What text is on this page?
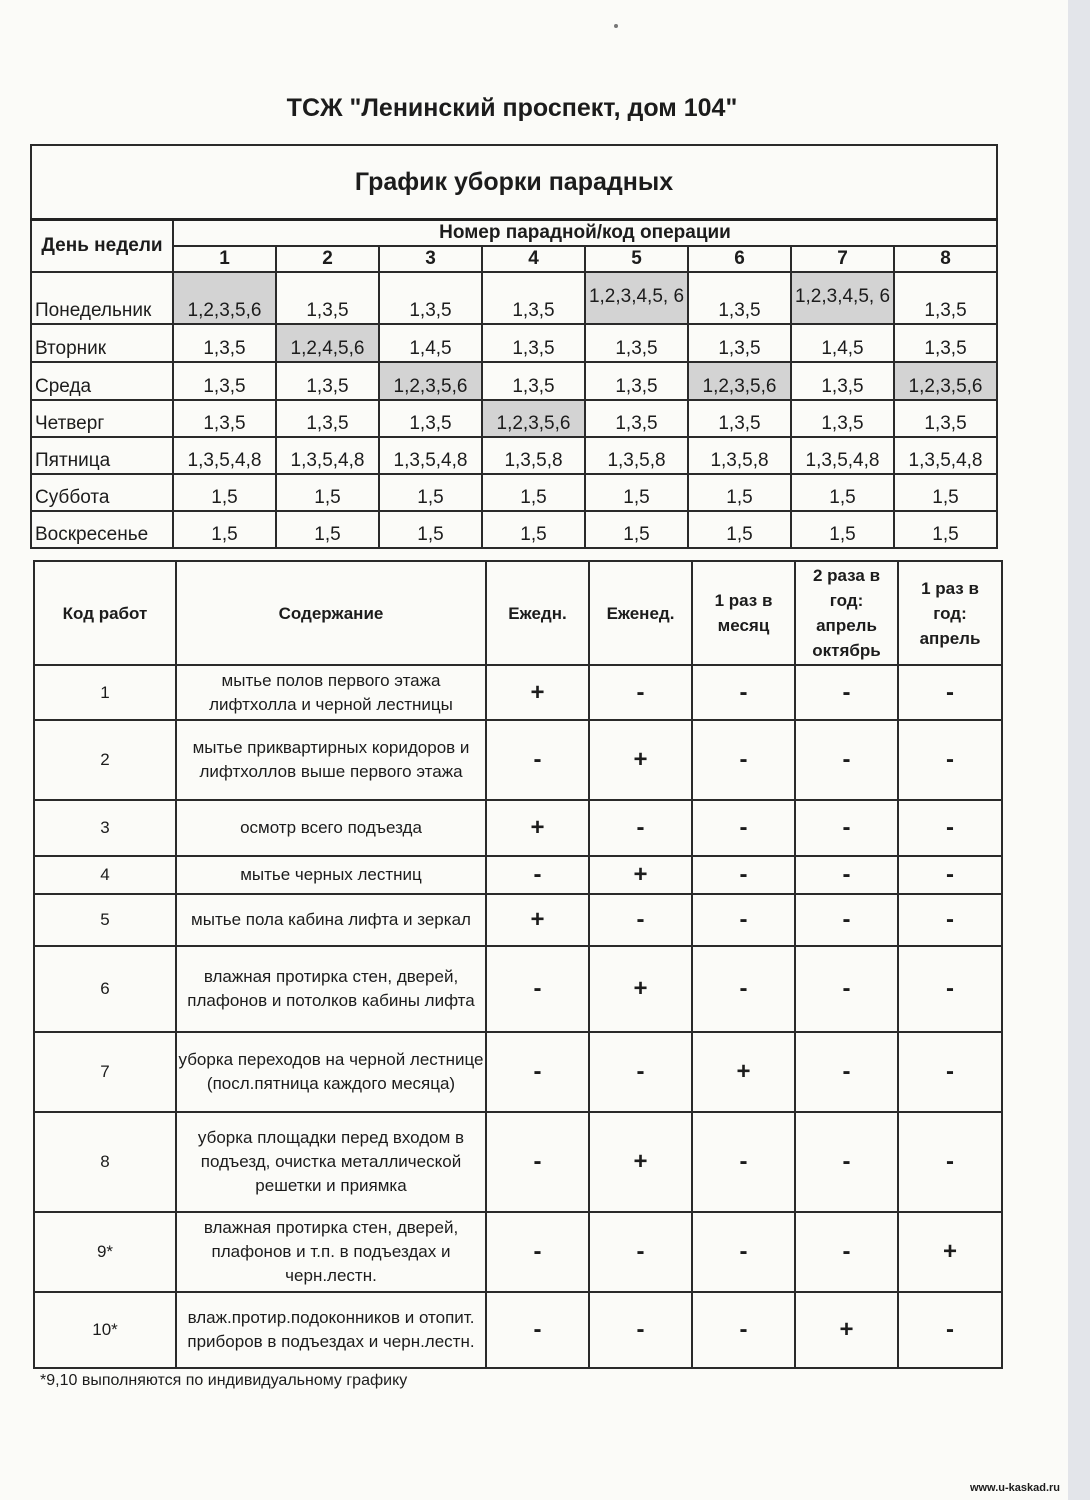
ТСЖ "Ленинский проспект, дом 104"
График уборки парадных								
День недели	Номер парадной/код операции							
	1	2	3	4	5	6	7	8
Понедельник	1,2,3,5,6	1,3,5	1,3,5	1,3,5	1,2,3,4,5, 6	1,3,5	1,2,3,4,5, 6	1,3,5
Вторник	1,3,5	1,2,4,5,6	1,4,5	1,3,5	1,3,5	1,3,5	1,4,5	1,3,5
Среда	1,3,5	1,3,5	1,2,3,5,6	1,3,5	1,3,5	1,2,3,5,6	1,3,5	1,2,3,5,6
Четверг	1,3,5	1,3,5	1,3,5	1,2,3,5,6	1,3,5	1,3,5	1,3,5	1,3,5
Пятница	1,3,5,4,8	1,3,5,4,8	1,3,5,4,8	1,3,5,8	1,3,5,8	1,3,5,8	1,3,5,4,8	1,3,5,4,8
Суббота	1,5	1,5	1,5	1,5	1,5	1,5	1,5	1,5
Воскресенье	1,5	1,5	1,5	1,5	1,5	1,5	1,5	1,5
Код работ	Содержание	Ежедн.	Еженед.	1 раз в месяц	2 раза в год: апрель октябрь	1 раз в год: апрель
1	мытье полов первого этажа лифтхолла и черной лестницы	+	-	-	-	-
2	мытье приквартирных коридоров и лифтхоллов выше первого этажа	-	+	-	-	-
3	осмотр всего подъезда	+	-	-	-	-
4	мытье черных лестниц	-	+	-	-	-
5	мытье пола кабина лифта и зеркал	+	-	-	-	-
6	влажная протирка стен, дверей, плафонов и потолков кабины лифта	-	+	-	-	-
7	уборка переходов на черной лестнице (посл.пятница каждого месяца)	-	-	+	-	-
8	уборка площадки перед входом в подъезд, очистка металлической решетки и приямка	-	+	-	-	-
9*	влажная протирка стен, дверей, плафонов и т.п. в подъездах и черн.лестн.	-	-	-	-	+
10*	влаж.протир.подоконников и отопит. приборов в подъездах и черн.лестн.	-	-	-	+	-
*9,10 выполняются по индивидуальному графику
www.u-kaskad.ru
